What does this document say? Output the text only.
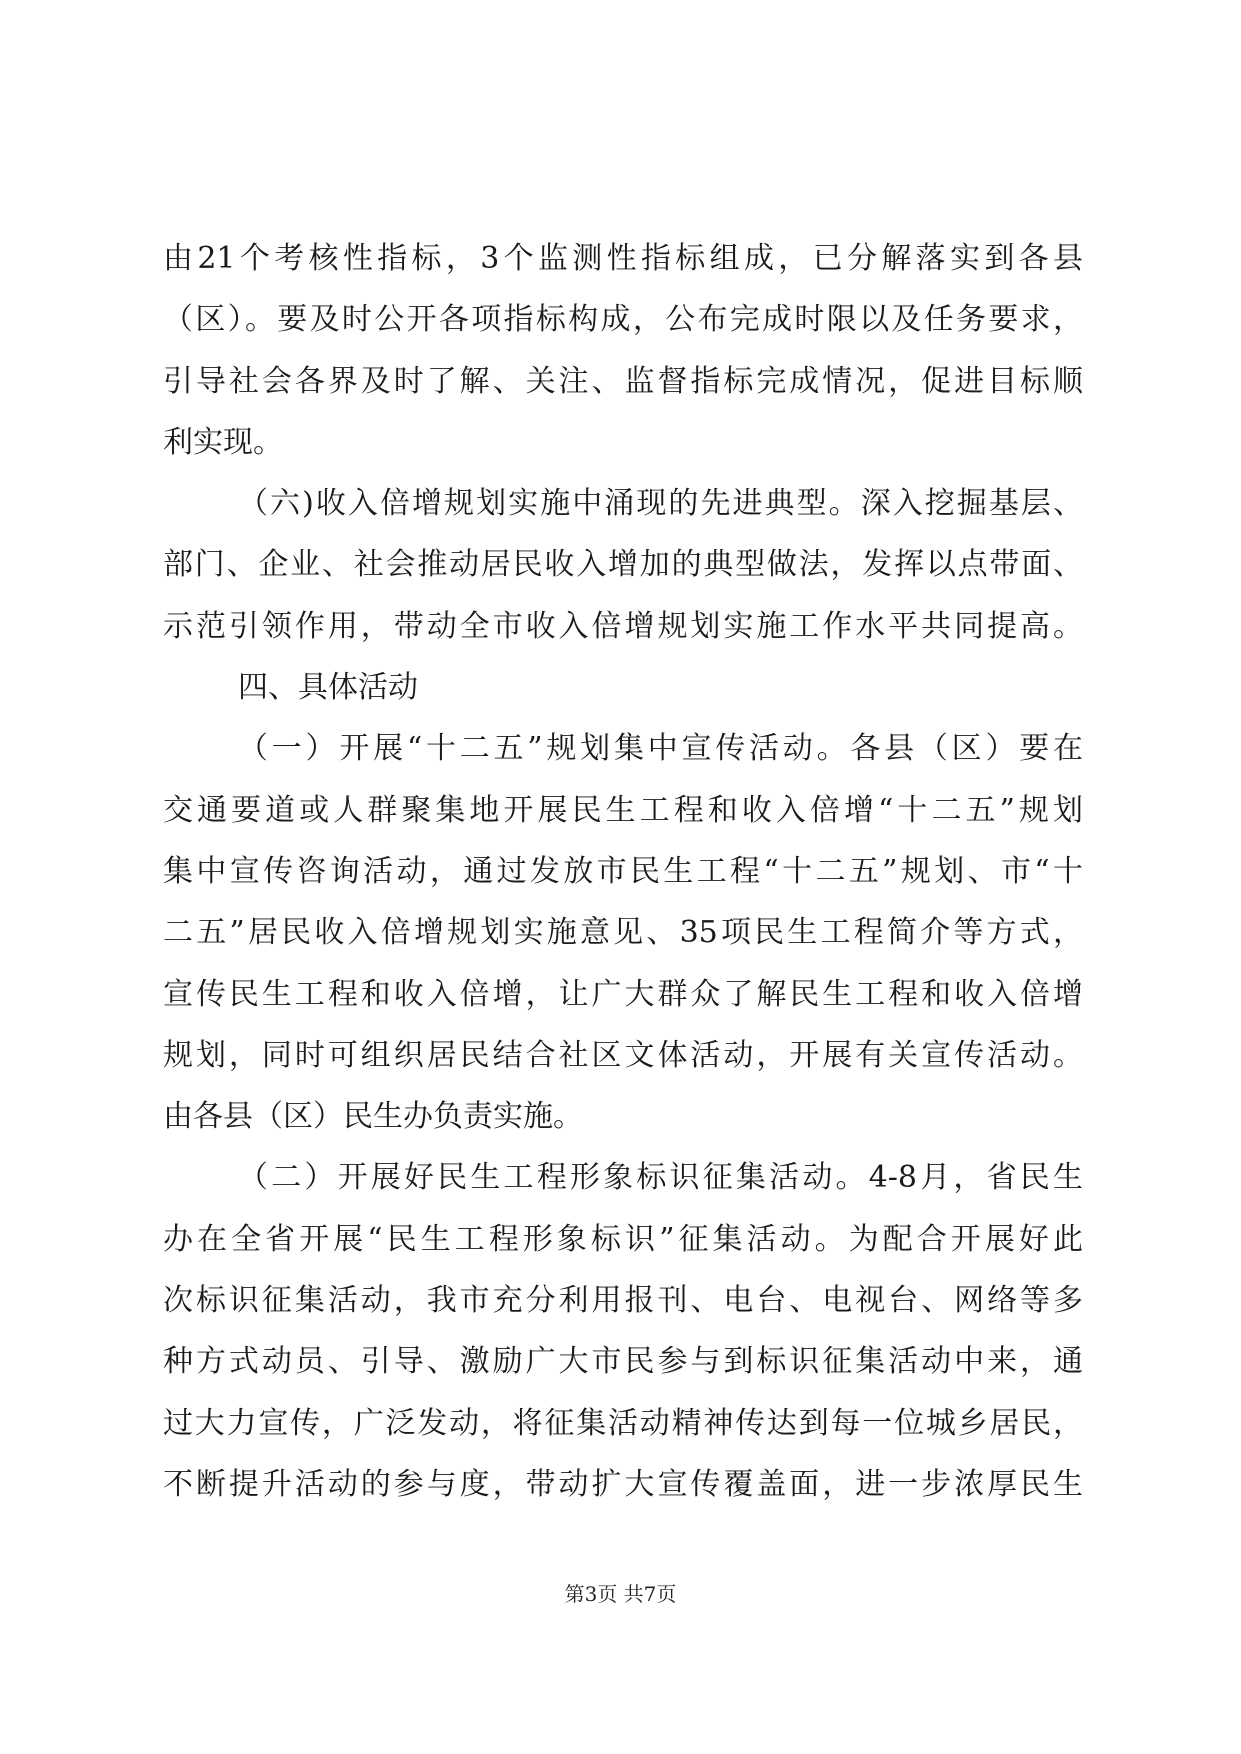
由21个考核性指标，3个监测性指标组成，已分解落实到各县
（区）。要及时公开各项指标构成，公布完成时限以及任务要求，
引导社会各界及时了解、关注、监督指标完成情况，促进目标顺
利实现。
（六)收入倍增规划实施中涌现的先进典型。深入挖掘基层、
部门、企业、社会推动居民收入增加的典型做法，发挥以点带面、
示范引领作用，带动全市收入倍增规划实施工作水平共同提高。
四、具体活动
（一）开展“十二五”规划集中宣传活动。各县（区）要在
交通要道或人群聚集地开展民生工程和收入倍增“十二五”规划
集中宣传咨询活动，通过发放市民生工程“十二五”规划、市“十
二五”居民收入倍增规划实施意见、35项民生工程简介等方式，
宣传民生工程和收入倍增，让广大群众了解民生工程和收入倍增
规划，同时可组织居民结合社区文体活动，开展有关宣传活动。
由各县（区）民生办负责实施。
（二）开展好民生工程形象标识征集活动。4-8月，省民生
办在全省开展“民生工程形象标识”征集活动。为配合开展好此
次标识征集活动，我市充分利用报刊、电台、电视台、网络等多
种方式动员、引导、激励广大市民参与到标识征集活动中来，通
过大力宣传，广泛发动，将征集活动精神传达到每一位城乡居民，
不断提升活动的参与度，带动扩大宣传覆盖面，进一步浓厚民生
第3页 共7页
